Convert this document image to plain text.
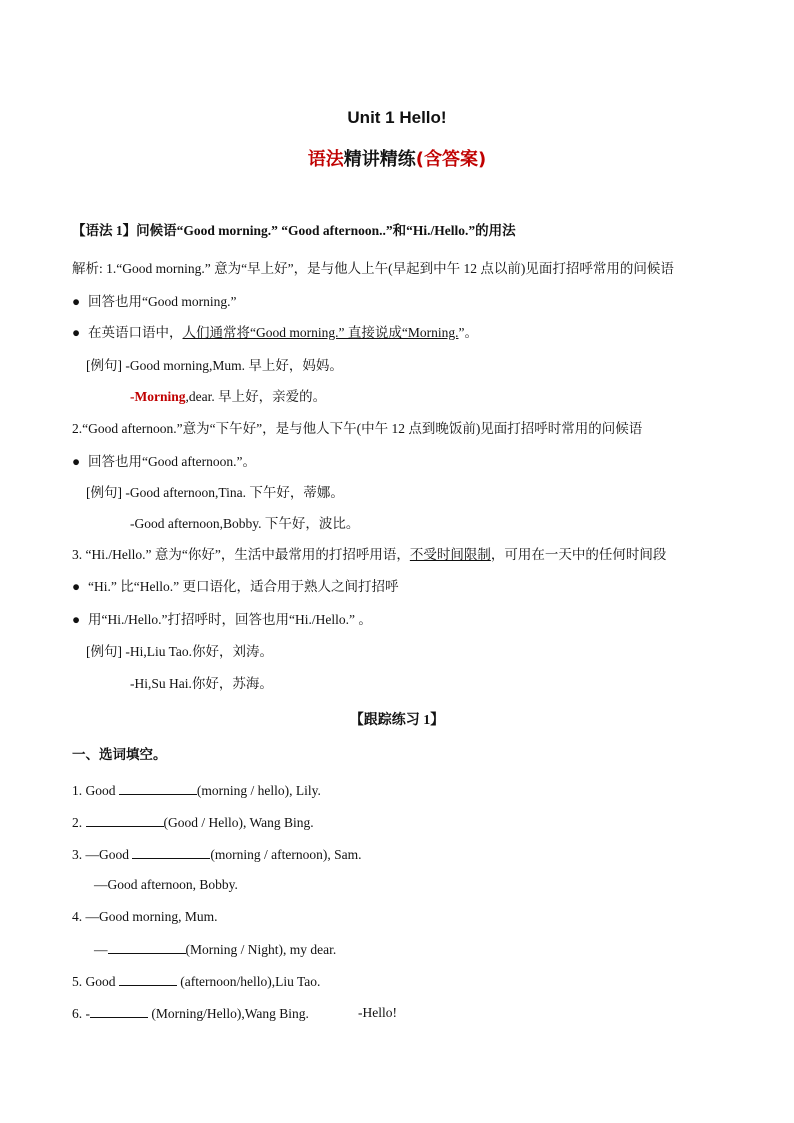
Unit 1 Hello!
语法精讲精练(含答案)
【语法 1】问候语“Good morning.” “Good afternoon..”和“Hi./Hello.”的用法
解析: 1.“Good morning.” 意为“早上好”，是与他人上午(早起到中午 12 点以前)见面打招呼常用的问候语
● 回答也用“Good morning.”
● 在英语口语中，人们通常将“Good morning.” 直接说成“Morning.”。
[例句] -Good morning,Mum. 早上好，妈妈。
-Morning,dear. 早上好，亲爱的。
2.“Good afternoon.”意为“下午好”，是与他人下午(中午 12 点到晚饭前)见面打招呼时常用的问候语
● 回答也用“Good afternoon.”。
[例句] -Good afternoon,Tina. 下午好，蒂娜。
-Good afternoon,Bobby. 下午好，波比。
3. “Hi./Hello.” 意为“你好”，生活中最常用的打招呼用语，不受时间限制，可用在一天中的任何时间段
● “Hi.” 比“Hello.” 更口语化，适合用于熟人之间打招呼
● 用“Hi./Hello.”打招呼时，回答也用“Hi./Hello.” 。
[例句] -Hi,Liu Tao.你好，刘涛。
-Hi,Su Hai.你好，苏海。
【跟踪练习 1】
一、选词填空。
1. Good	(morning / hello), Lily.
2.	(Good / Hello), Wang Bing.
3. —Good	(morning / afternoon), Sam.
—Good afternoon, Bobby.
4. —Good morning, Mum.
—	(Morning / Night), my dear.
5. Good	(afternoon/hello),Liu Tao.
6. -	(Morning/Hello),Wang Bing.	-Hello!
